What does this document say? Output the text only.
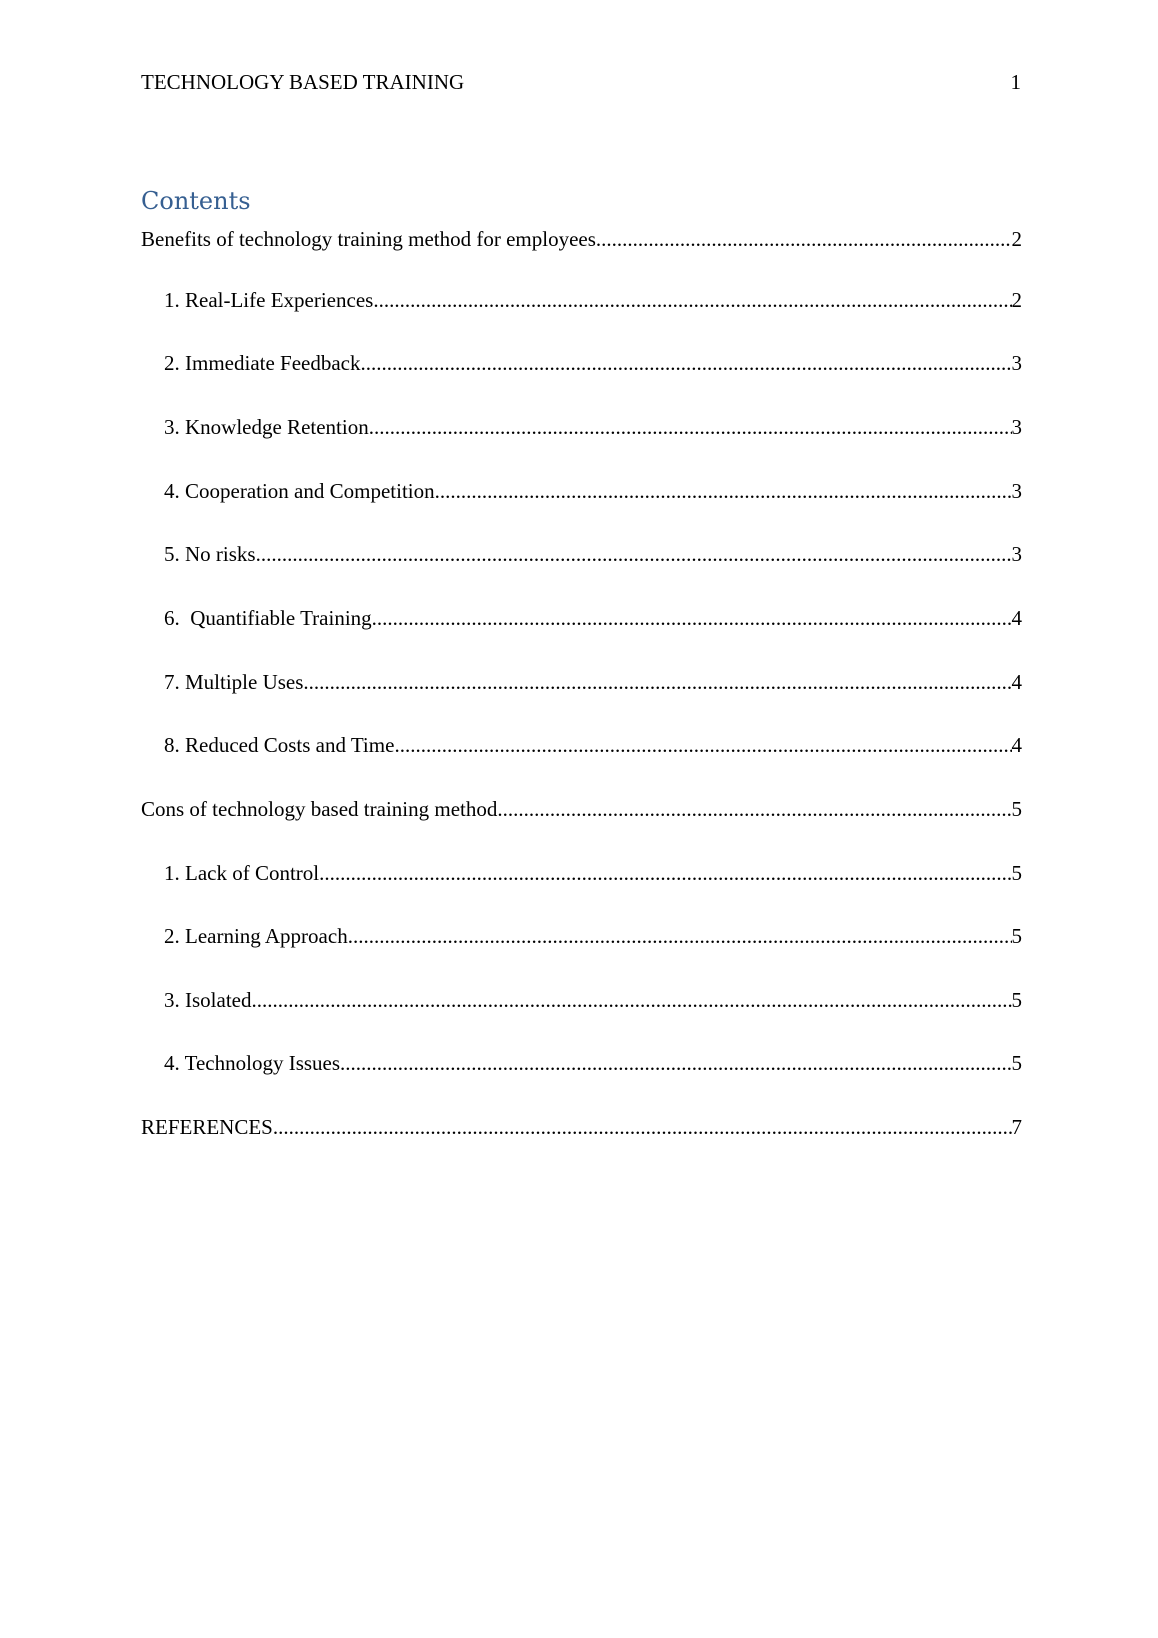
TECHNOLOGY BASED TRAINING	1
Contents
Benefits of technology training method for employees .....	2
1. Real-Life Experiences .....	2
2. Immediate Feedback .....	3
3. Knowledge Retention .....	3
4. Cooperation and Competition .....	3
5. No risks .....	3
6.  Quantifiable Training .....	4
7. Multiple Uses .....	4
8. Reduced Costs and Time .....	4
Cons of technology based training method .....	5
1. Lack of Control .....	5
2. Learning Approach .....	5
3. Isolated .....	5
4. Technology Issues .....	5
REFERENCES .....	7
